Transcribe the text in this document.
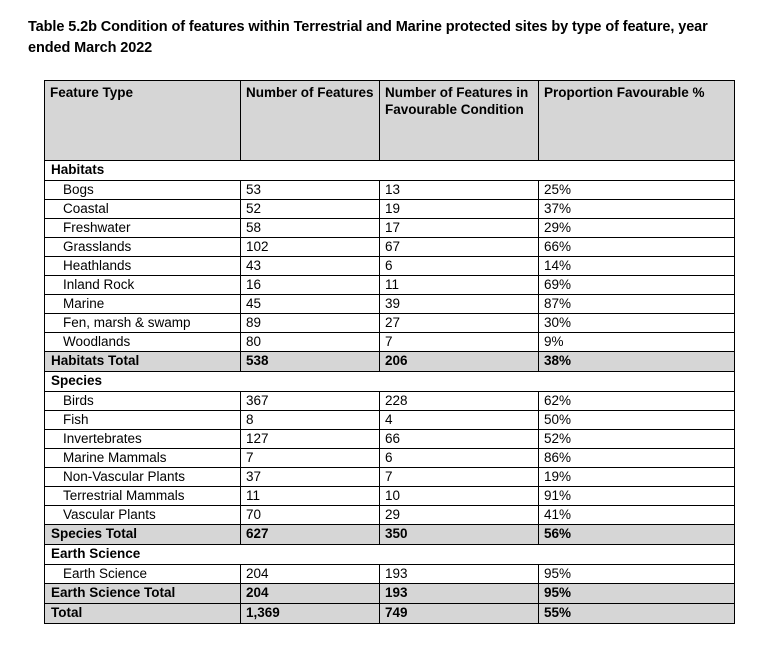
Table 5.2b Condition of features within Terrestrial and Marine protected sites by type of feature, year ended March 2022
Feature Type	Number of Features	Number of Features in Favourable Condition	Proportion Favourable %
Habitats			
Bogs	53	13	25%
Coastal	52	19	37%
Freshwater	58	17	29%
Grasslands	102	67	66%
Heathlands	43	6	14%
Inland Rock	16	11	69%
Marine	45	39	87%
Fen, marsh & swamp	89	27	30%
Woodlands	80	7	9%
Habitats Total	538	206	38%
Species			
Birds	367	228	62%
Fish	8	4	50%
Invertebrates	127	66	52%
Marine Mammals	7	6	86%
Non-Vascular Plants	37	7	19%
Terrestrial Mammals	11	10	91%
Vascular Plants	70	29	41%
Species Total	627	350	56%
Earth Science			
Earth Science	204	193	95%
Earth Science Total	204	193	95%
Total	1,369	749	55%
